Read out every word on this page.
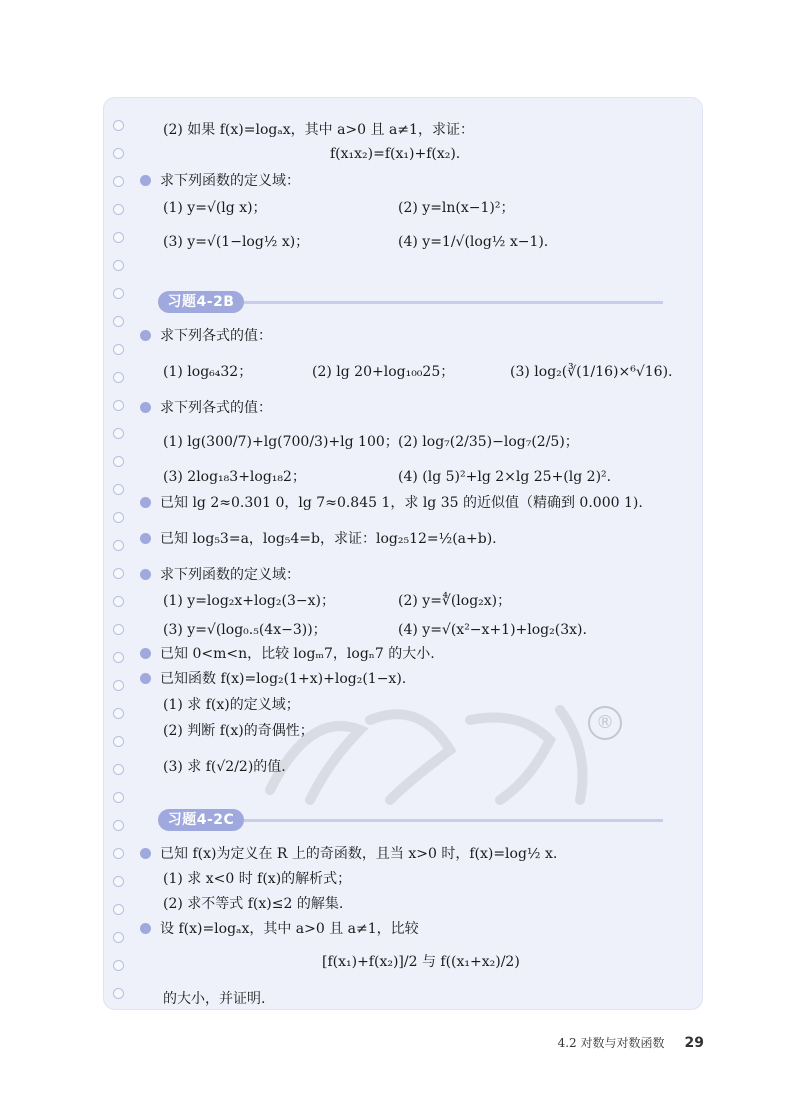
®
(2) 如果 f(x)=logₐx，其中 a>0 且 a≠1，求证：
f(x₁x₂)=f(x₁)+f(x₂).
求下列函数的定义域：
(1) y=√(lg x)；	(2) y=ln(x−1)²；
(3) y=√(1−log½ x)；	(4) y=1/√(log½ x−1).
习题4-2B
求下列各式的值：
(1) log₆₄32；	(2) lg 20+log₁₀₀25；	(3) log₂(∛(1/16)×⁶√16).
求下列各式的值：
(1) lg(300/7)+lg(700/3)+lg 100； (2) log₇(2/35)−log₇(2/5)；
(3) 2log₁₈3+log₁₈2；	(4) (lg 5)²+lg 2×lg 25+(lg 2)².
已知 lg 2≈0.301 0，lg 7≈0.845 1，求 lg 35 的近似值（精确到 0.000 1).
已知 log₅3=a，log₅4=b，求证：log₂₅12=½(a+b).
求下列函数的定义域：
(1) y=log₂x+log₂(3−x)；	(2) y=∜(log₂x)；
(3) y=√(log₀.₅(4x−3))；	(4) y=√(x²−x+1)+log₂(3x).
已知 0<m<n，比较 logₘ7，logₙ7 的大小.
已知函数 f(x)=log₂(1+x)+log₂(1−x).
(1) 求 f(x)的定义域；
(2) 判断 f(x)的奇偶性；
(3) 求 f(√2/2)的值.
习题4-2C
已知 f(x)为定义在 R 上的奇函数，且当 x>0 时，f(x)=log½ x.
(1) 求 x<0 时 f(x)的解析式；
(2) 求不等式 f(x)≤2 的解集.
设 f(x)=logₐx，其中 a>0 且 a≠1，比较
[f(x₁)+f(x₂)]/2 与 f((x₁+x₂)/2)
的大小，并证明.
4.2 对数与对数函数 29
